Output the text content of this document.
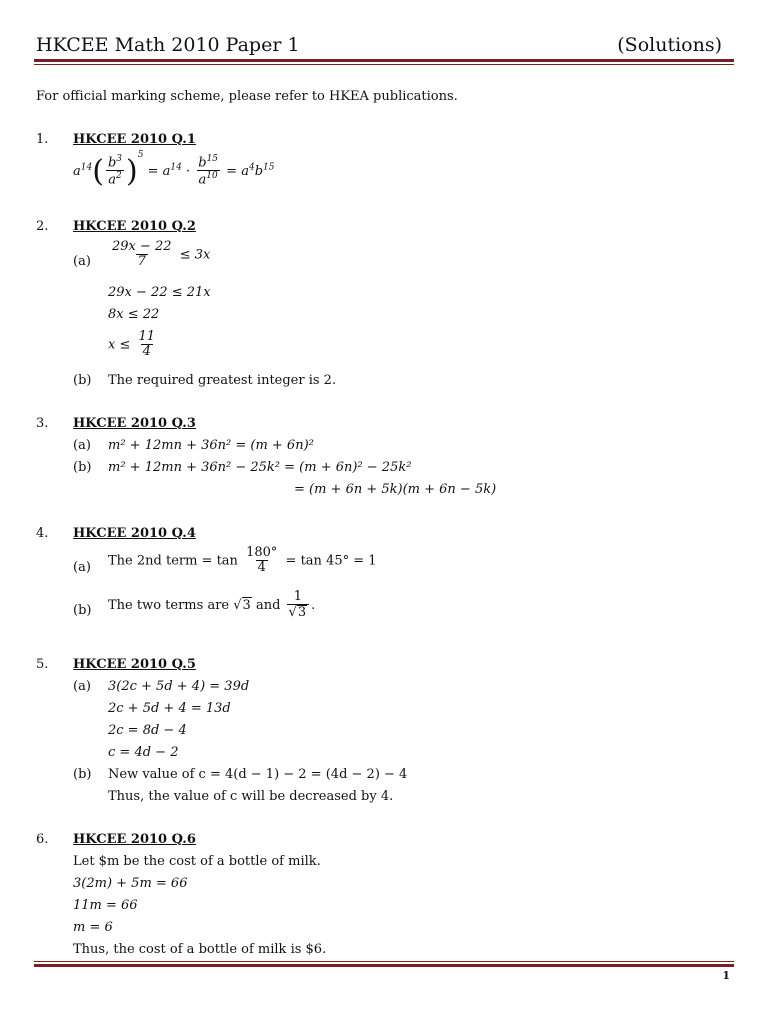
HKCEE Math 2010 Paper 1	(Solutions)
For official marking scheme, please refer to HKEA publications.
1. HKCEE 2010 Q.1
$a^{14}( \frac{b^3}{a^2} )^5 = a^{14} \cdot \frac{b^{15}}{a^{10}} = a^4b^{15}$
2. HKCEE 2010 Q.2
$(a) \frac{29x - 22}{7} \le 3x$
29x − 22 ≤ 21x
8x ≤ 22
$x \le \frac{11}{4}$
(b) The required greatest integer is 2.
3. HKCEE 2010 Q.3
(a) m² + 12mn + 36n² = (m + 6n)²
(b) m² + 12mn + 36n² − 25k² = (m + 6n)² − 25k²
= (m + 6n + 5k)(m + 6n − 5k)
4. HKCEE 2010 Q.4
(a) The 2nd term = $\tan \frac{180^\circ}{4} = \tan 45^\circ = 1$
(b) The two terms are √3 and $\frac{1}{√3}$ .
5. HKCEE 2010 Q.5
(a) 3(2c + 5d + 4) = 39d
2c + 5d + 4 = 13d
2c = 8d − 4
c = 4d − 2
(b) New value of c = 4(d − 1) − 2 = (4d − 2) − 4
Thus, the value of c will be decreased by 4.
6. HKCEE 2010 Q.6
Let $m be the cost of a bottle of milk.
3(2m) + 5m = 66
11m = 66
m = 6
Thus, the cost of a bottle of milk is $6.
1
